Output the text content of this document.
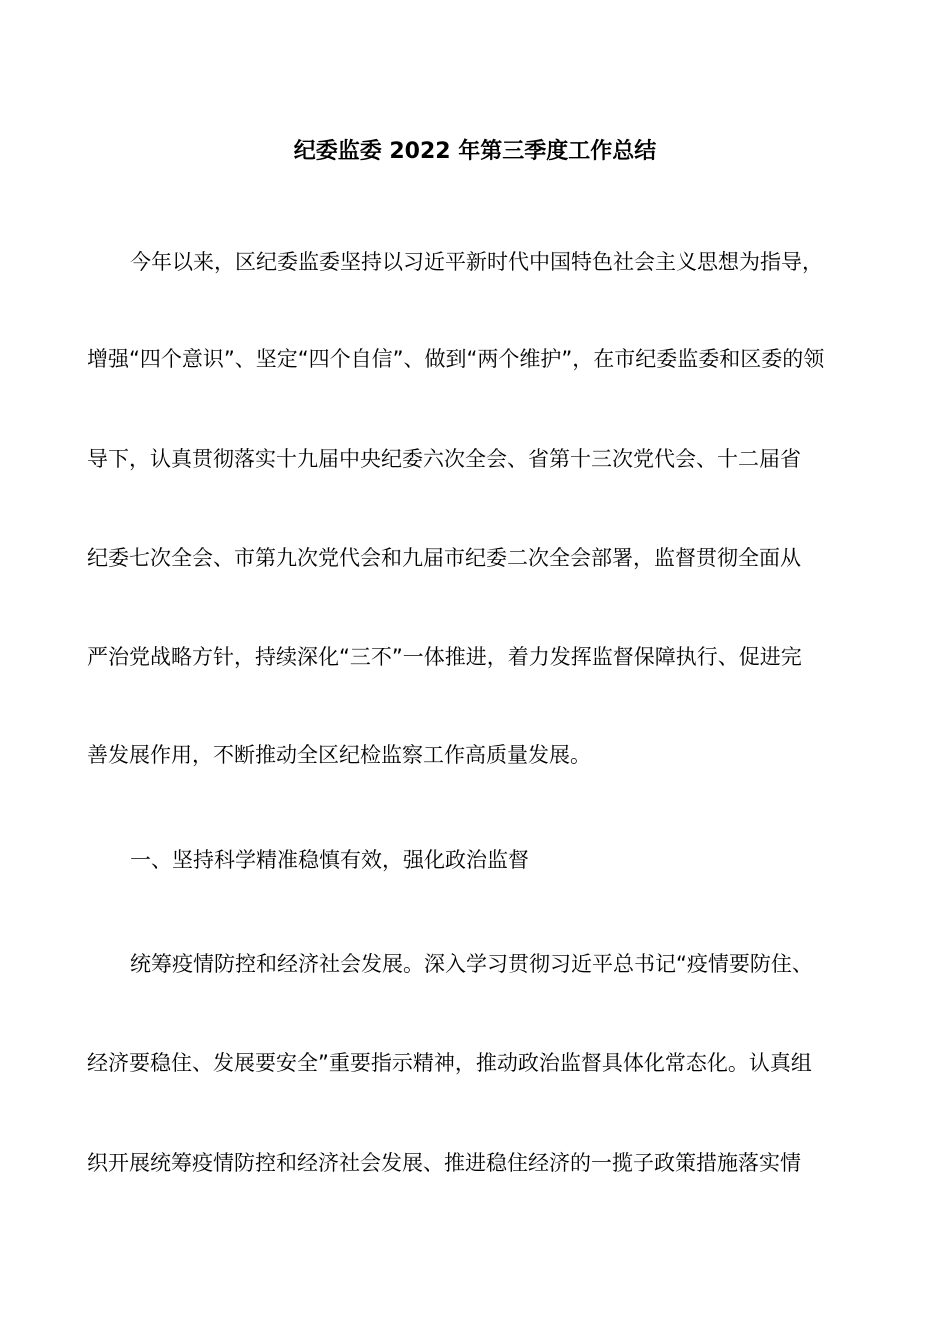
纪委监委 2022 年第三季度工作总结
今年以来，区纪委监委坚持以习近平新时代中国特色社会主义思想为指导，
增强“四个意识”、坚定“四个自信”、做到“两个维护”，在市纪委监委和区委的领
导下，认真贯彻落实十九届中央纪委六次全会、省第十三次党代会、十二届省
纪委七次全会、市第九次党代会和九届市纪委二次全会部署，监督贯彻全面从
严治党战略方针，持续深化“三不”一体推进，着力发挥监督保障执行、促进完
善发展作用，不断推动全区纪检监察工作高质量发展。
一、坚持科学精准稳慎有效，强化政治监督
统筹疫情防控和经济社会发展。深入学习贯彻习近平总书记“疫情要防住、
经济要稳住、发展要安全”重要指示精神，推动政治监督具体化常态化。认真组
织开展统筹疫情防控和经济社会发展、推进稳住经济的一揽子政策措施落实情
